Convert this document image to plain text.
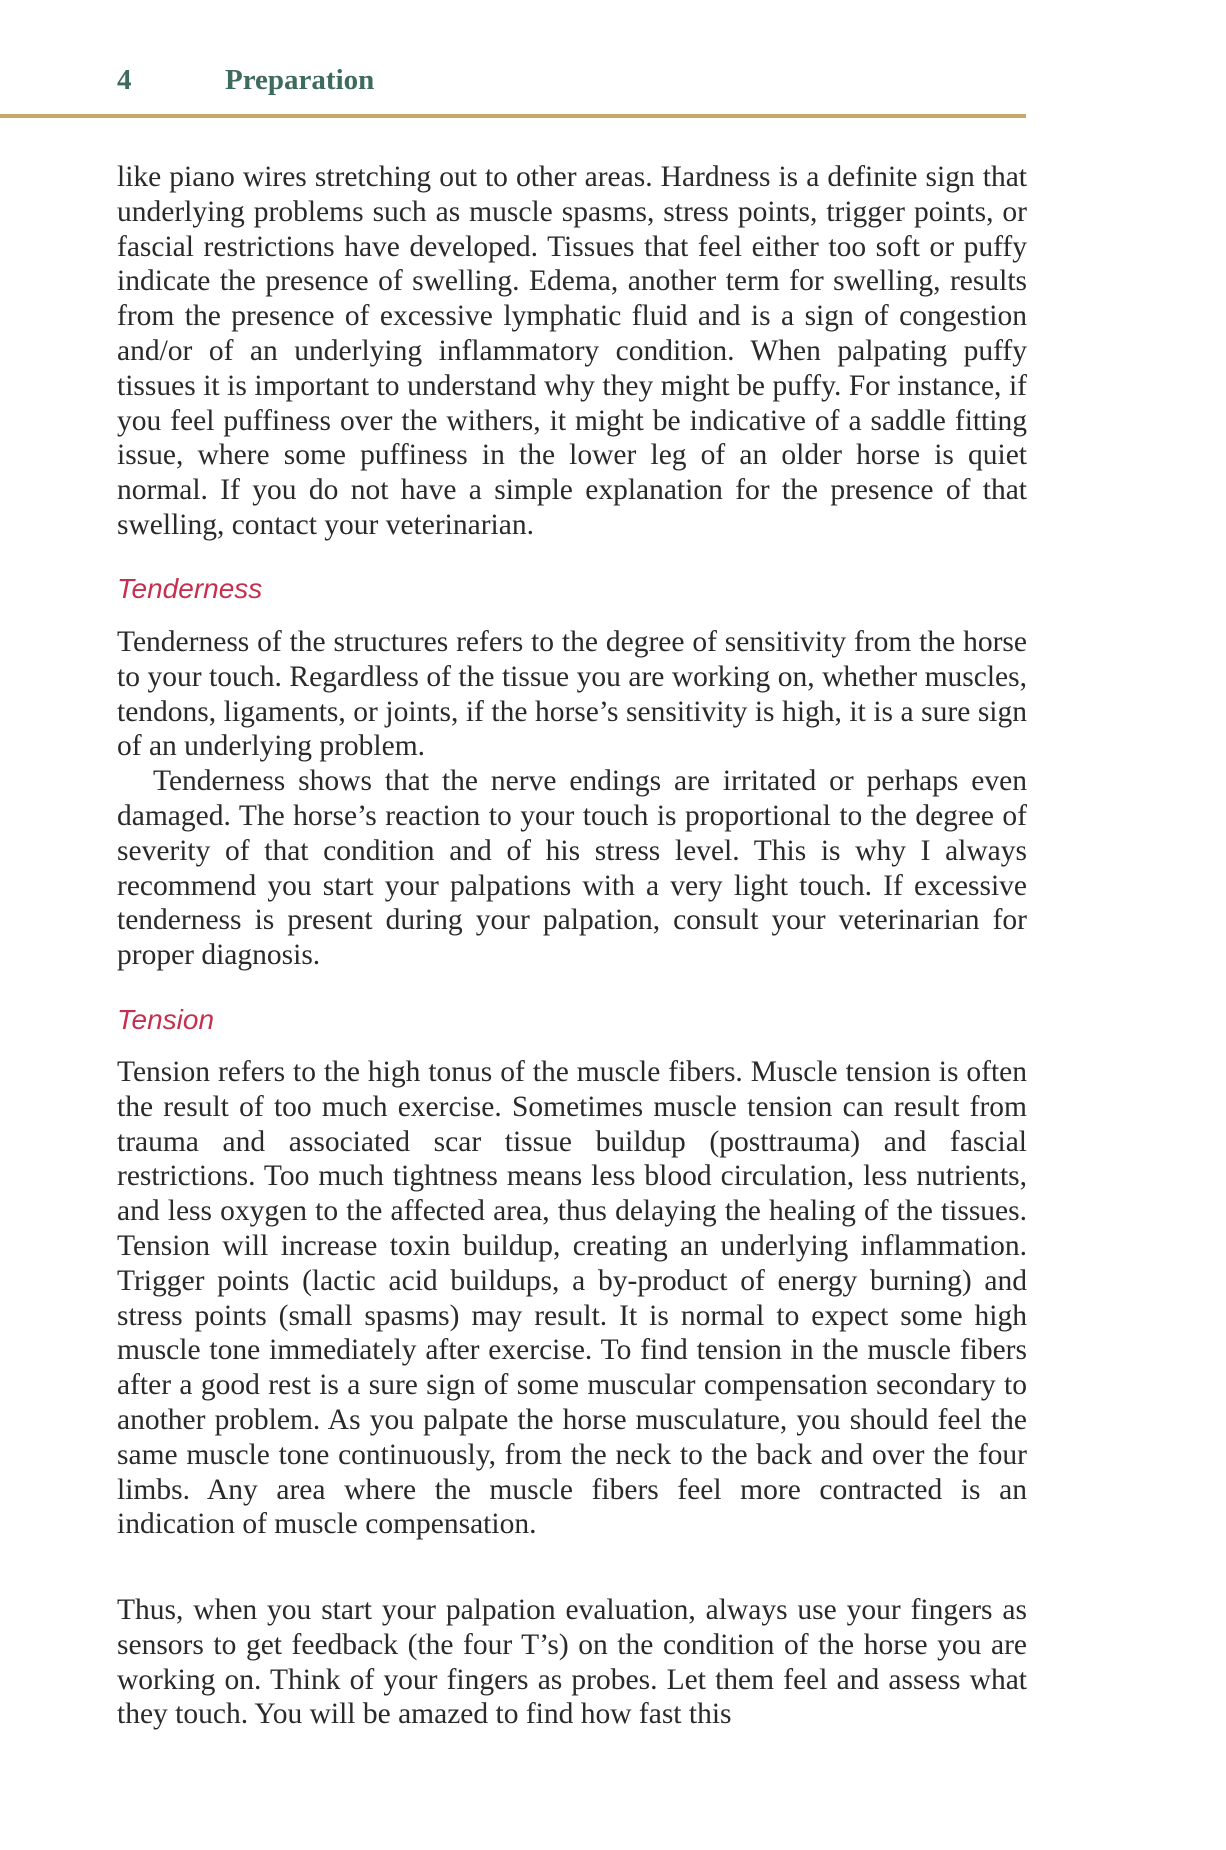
4	Preparation

like piano wires stretching out to other areas. Hardness is a definite sign that underlying problems such as muscle spasms, stress points, trigger points, or fascial restrictions have developed. Tissues that feel either too soft or puffy indicate the presence of swelling. Edema, another term for swelling, results from the presence of excessive lymphatic fluid and is a sign of congestion and/or of an underlying inflammatory condition. When palpating puffy tissues it is important to understand why they might be puffy. For instance, if you feel puffiness over the withers, it might be indicative of a saddle fitting issue, where some puffiness in the lower leg of an older horse is quiet normal. If you do not have a simple explanation for the presence of that swelling, contact your veterinarian.

Tenderness

Tenderness of the structures refers to the degree of sensitivity from the horse to your touch. Regardless of the tissue you are working on, whether muscles, tendons, ligaments, or joints, if the horse’s sensitivity is high, it is a sure sign of an underlying problem.

Tenderness shows that the nerve endings are irritated or perhaps even damaged. The horse’s reaction to your touch is proportional to the degree of severity of that condition and of his stress level. This is why I always recommend you start your palpations with a very light touch. If excessive tenderness is present during your palpation, consult your veterinarian for proper diagnosis.

Tension

Tension refers to the high tonus of the muscle fibers. Muscle tension is often the result of too much exercise. Sometimes muscle tension can result from trauma and associated scar tissue buildup (posttrauma) and fascial restrictions. Too much tightness means less blood circulation, less nutrients, and less oxygen to the affected area, thus delaying the healing of the tissues. Tension will increase toxin buildup, creating an underlying inflammation. Trigger points (lactic acid buildups, a by-product of energy burning) and stress points (small spasms) may result. It is normal to expect some high muscle tone immediately after exercise. To find tension in the muscle fibers after a good rest is a sure sign of some muscular compensation secondary to another problem. As you palpate the horse musculature, you should feel the same muscle tone continuously, from the neck to the back and over the four limbs. Any area where the muscle fibers feel more contracted is an indication of muscle compensation.

Thus, when you start your palpation evaluation, always use your fingers as sensors to get feedback (the four T’s) on the condition of the horse you are working on. Think of your fingers as probes. Let them feel and assess what they touch. You will be amazed to find how fast this
